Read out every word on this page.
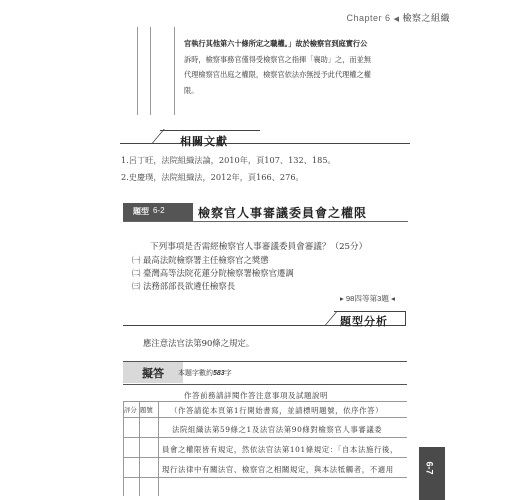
Chapter 6 ◀ 檢察之組織
官執行其他第六十條所定之職權。」故於檢察官到庭實行公
訴時，檢察事務官僅得受檢察官之指揮「襄助」之，而並無
代理檢察官出庭之權限，檢察官依法亦無授予此代理權之權
限。
相關文獻
1.呂丁旺，法院組織法論，2010年，頁107、132、185。
2.史慶璞，法院組織法，2012年，頁166、276。
題型 6-2	檢察官人事審議委員會之權限
下列事項是否需經檢察官人事審議委員會審議？（25分）
㈠ 最高法院檢察署主任檢察官之獎懲
㈡ 臺灣高等法院花蓮分院檢察署檢察官遷調
㈢ 法務部部長欲遴任檢察長
▸ 98四等第3題 ◂
題型分析
應注意法官法第90條之規定。
擬答 本題字數約583字
作答前務請詳閱作答注意事項及試題說明
評分 題號 （作答請從本頁第1行開始書寫，並請標明題號，依序作答）
法院組織法第59條之1及法官法第90條對檢察官人事審議委
員會之權限皆有規定，然依法官法第101條規定：「自本法施行後，
現行法律中有關法官、檢察官之相關規定，與本法牴觸者，不適用	6-7
